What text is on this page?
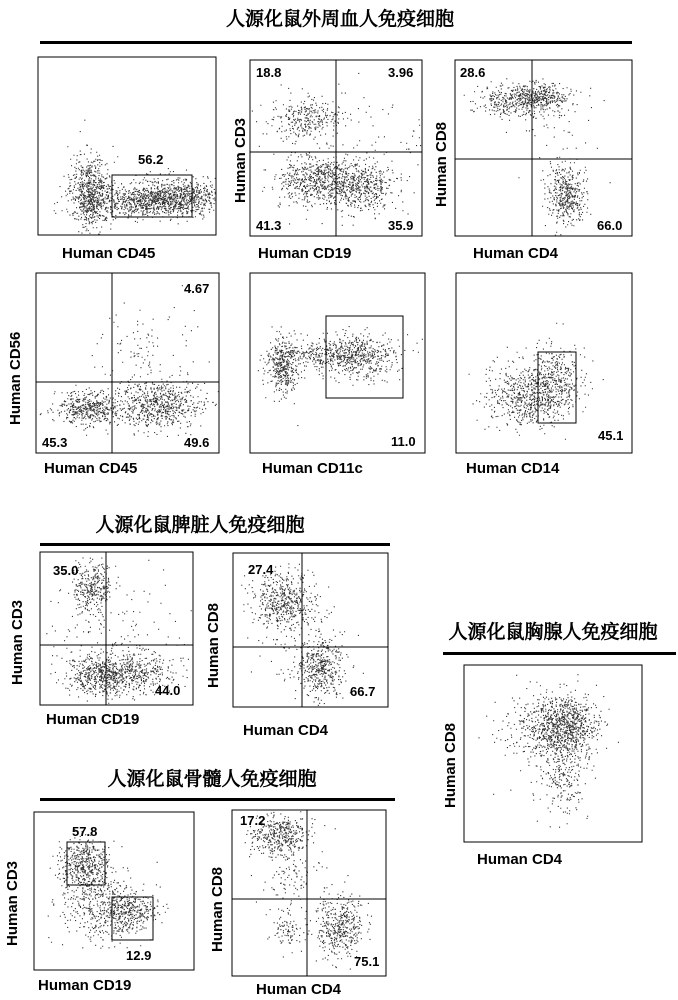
人源化鼠外周血人免疫细胞
人源化鼠脾脏人免疫细胞
人源化鼠胸腺人免疫细胞
人源化鼠骨髓人免疫细胞
56.2
Human CD45
18.8	3.96
41.3	35.9
Human CD3
Human CD19
28.6
66.0
Human CD8
Human CD4
4.67
45.3	49.6
Human CD56
Human CD45
11.0
Human CD11c
45.1
Human CD14
35.0
44.0
Human CD3
Human CD19
27.4
66.7
Human CD8
Human CD4	Human CD8
Human CD4
57.8
12.9
Human CD3
Human CD19
17.2
75.1
Human CD8
Human CD4
